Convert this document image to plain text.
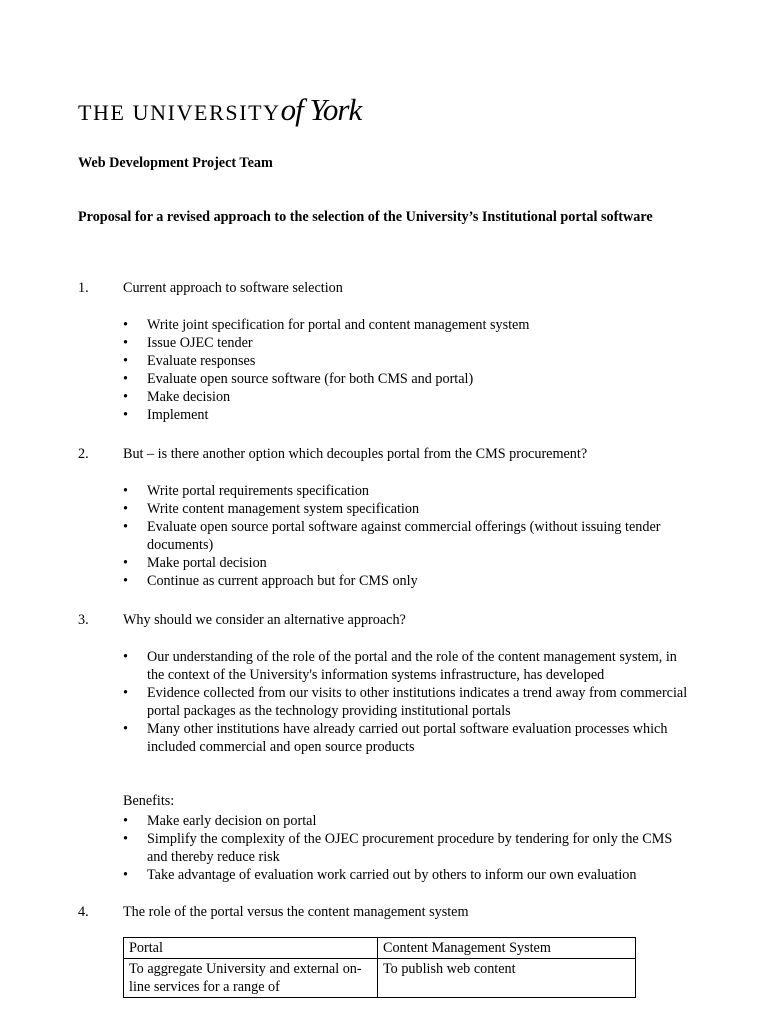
THE UNIVERSITYof York
Web Development Project Team
Proposal for a revised approach to the selection of the University’s Institutional portal software
1. Current approach to software selection
• Write joint specification for portal and content management system
• Issue OJEC tender
• Evaluate responses
• Evaluate open source software (for both CMS and portal)
• Make decision
• Implement
2. But – is there another option which decouples portal from the CMS procurement?
• Write portal requirements specification
• Write content management system specification
• Evaluate open source portal software against commercial offerings (without issuing tender documents)
• Make portal decision
• Continue as current approach but for CMS only
3. Why should we consider an alternative approach?
• Our understanding of the role of the portal and the role of the content management system, in the context of the University's information systems infrastructure, has developed
• Evidence collected from our visits to other institutions indicates a trend away from commercial portal packages as the technology providing institutional portals
• Many other institutions have already carried out portal software evaluation processes which included commercial and open source products
Benefits:
• Make early decision on portal
• Simplify the complexity of the OJEC procurement procedure by tendering for only the CMS and thereby reduce risk
• Take advantage of evaluation work carried out by others to inform our own evaluation
4. The role of the portal versus the content management system
Portal	Content Management System
To aggregate University and external on-line services for a range of	To publish web content
